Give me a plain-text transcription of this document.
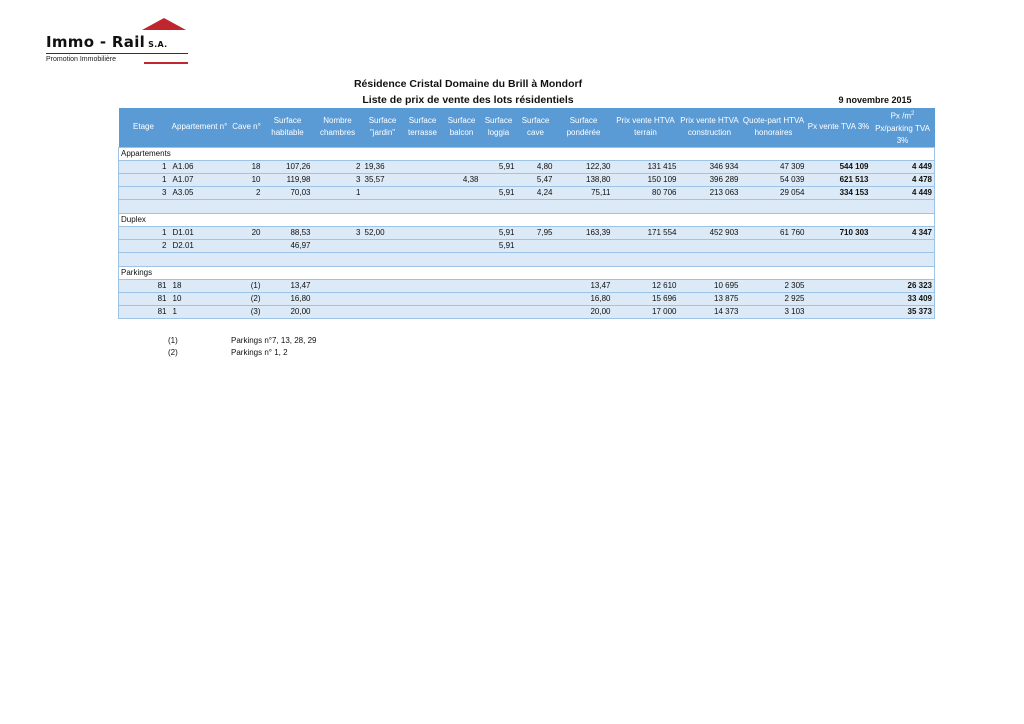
Immo - Rail S.A.
Promotion Immobilière
Résidence Cristal Domaine du Brill à Mondorf
Liste de prix de vente des lots résidentiels	9 novembre 2015
Etage	Appartement n°	Cave n°	Surface habitable	Nombre chambres	Surface "jardin"	Surface terrasse	Surface balcon	Surface loggia	Surface cave	Surface pondérée	Prix vente HTVA terrain	Prix vente HTVA construction	Quote-part HTVA honoraires	Px vente TVA 3%	Px $/m^2$
Px/parking TVA 3%
Appartements															
1	A1.06	18	107,26	2	19,36			5,91	4,80	122,30	131 415	346 934	47 309	544 109	4 449
1	A1.07	10	119,98	3	35,57		4,38		5,47	138,80	150 109	396 289	54 039	621 513	4 478
3	A3.05	2	70,03	1				5,91	4,24	75,11	80 706	213 063	29 054	334 153	4 449

Duplex															
1	D1.01	20	88,53	3	52,00			5,91	7,95	163,39	171 554	452 903	61 760	710 303	4 347
2	D2.01		46,97					5,91							

Parkings															
81	18	(1)	13,47							13,47	12 610	10 695	2 305		26 323
81	10	(2)	16,80							16,80	15 696	13 875	2 925		33 409
81	1	(3)	20,00							20,00	17 000	14 373	3 103		35 373
(1)	Parkings n°7, 13, 28, 29
(2)	Parkings n° 1, 2
